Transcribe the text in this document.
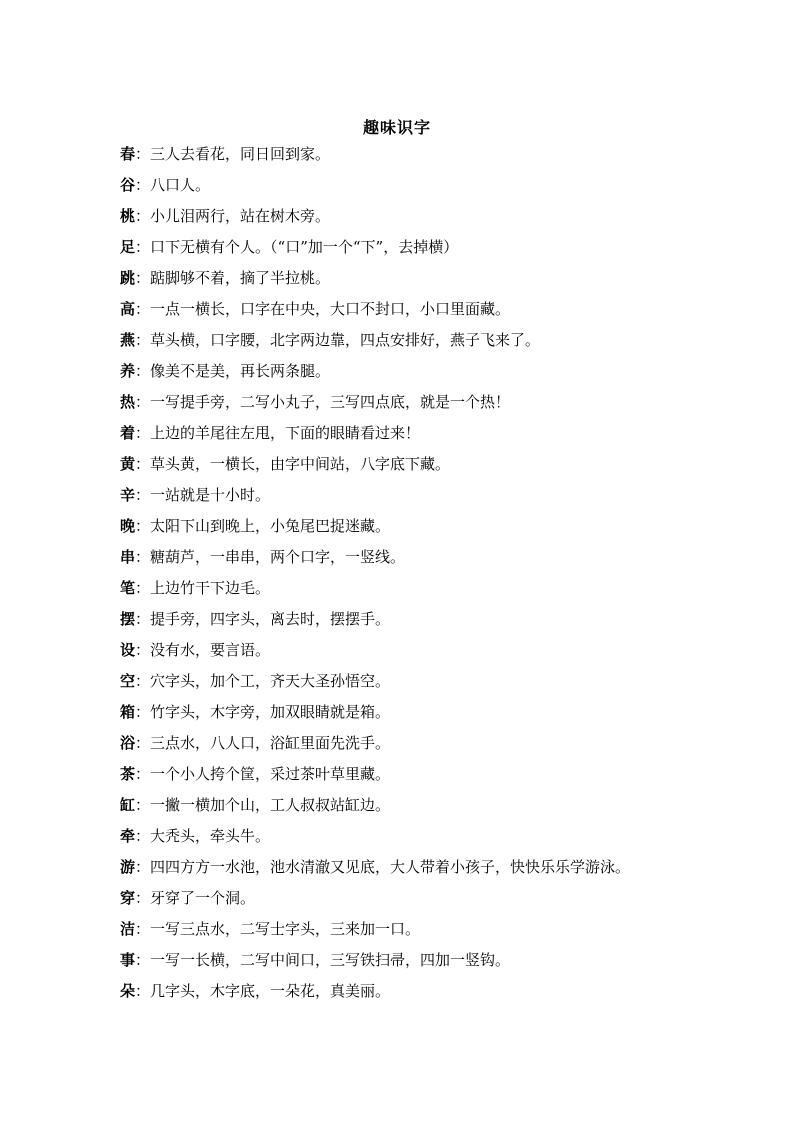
趣味识字
春：三人去看花，同日回到家。
谷：八口人。
桃：小儿泪两行，站在树木旁。
足：口下无横有个人。（“口”加一个“下”，去掉横）
跳：踮脚够不着，摘了半拉桃。
高：一点一横长，口字在中央，大口不封口，小口里面藏。
燕：草头横，口字腰，北字两边靠，四点安排好，燕子飞来了。
养：像美不是美，再长两条腿。
热：一写提手旁，二写小丸子，三写四点底，就是一个热！
着：上边的羊尾往左甩，下面的眼睛看过来！
黄：草头黄，一横长，由字中间站，八字底下藏。
辛：一站就是十小时。
晚：太阳下山到晚上，小兔尾巴捉迷藏。
串：糖葫芦，一串串，两个口字，一竖线。
笔：上边竹干下边毛。
摆：提手旁，四字头，离去时，摆摆手。
设：没有水，要言语。
空：穴字头，加个工，齐天大圣孙悟空。
箱：竹字头，木字旁，加双眼睛就是箱。
浴：三点水，八人口，浴缸里面先洗手。
茶：一个小人挎个筐，采过茶叶草里藏。
缸：一撇一横加个山，工人叔叔站缸边。
牵：大秃头，牵头牛。
游：四四方方一水池，池水清澈又见底，大人带着小孩子，快快乐乐学游泳。
穿：牙穿了一个洞。
洁：一写三点水，二写士字头，三来加一口。
事：一写一长横，二写中间口，三写铁扫帚，四加一竖钩。
朵：几字头，木字底，一朵花，真美丽。
